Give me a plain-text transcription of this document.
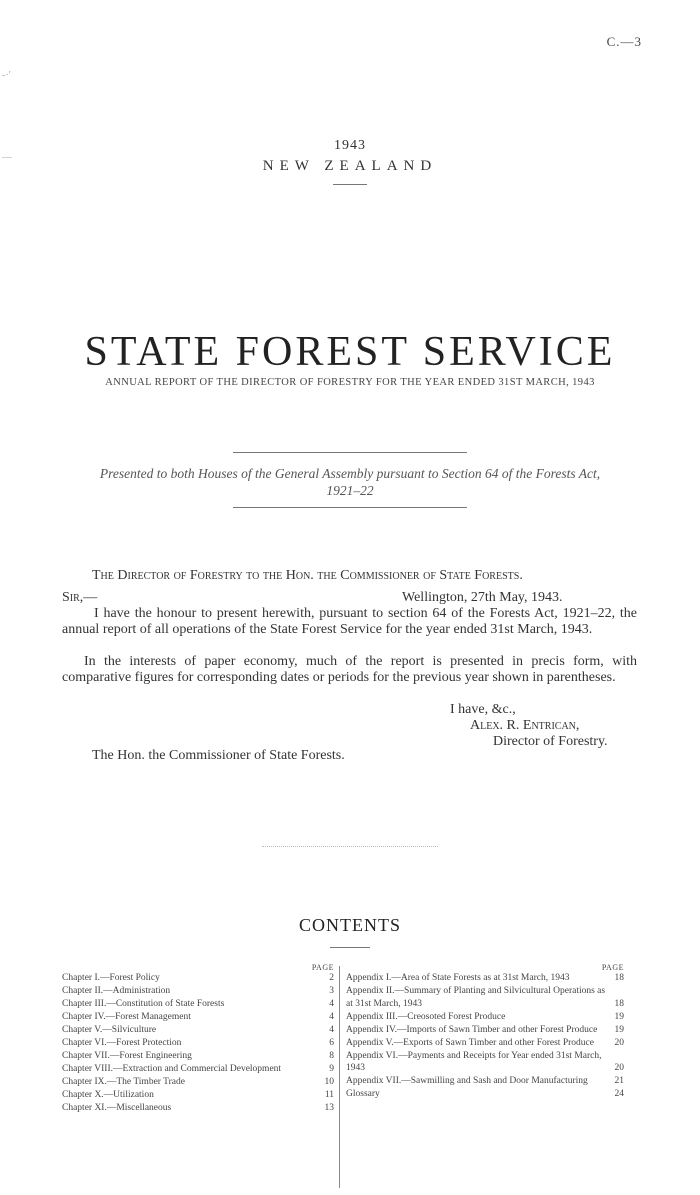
-·′
—
C.—3
1943
NEW ZEALAND
STATE FOREST SERVICE
ANNUAL REPORT OF THE DIRECTOR OF FORESTRY FOR THE YEAR ENDED 31ST MARCH, 1943
Presented to both Houses of the General Assembly pursuant to Section 64 of the Forests Act, 1921–22
The Director of Forestry to the Hon. the Commissioner of State Forests.
Sir,—	Wellington, 27th May, 1943.
I have the honour to present herewith, pursuant to section 64 of the Forests Act, 1921–22, the annual report of all operations of the State Forest Service for the year ended 31st March, 1943.
In the interests of paper economy, much of the report is presented in precis form, with comparative figures for corresponding dates or periods for the previous year shown in parentheses.
I have, &c.,
Alex. R. Entrican,
Director of Forestry.
The Hon. the Commissioner of State Forests.
CONTENTS
PAGE
Chapter I.—Forest Policy	2
Chapter II.—Administration	3
Chapter III.—Constitution of State Forests	4
Chapter IV.—Forest Management	4
Chapter V.—Silviculture	4
Chapter VI.—Forest Protection	6
Chapter VII.—Forest Engineering	8
Chapter VIII.—Extraction and Commercial Development	9
Chapter IX.—The Timber Trade	10
Chapter X.—Utilization	11
Chapter XI.—Miscellaneous	13
PAGE
Appendix I.—Area of State Forests as at 31st March, 1943	18
Appendix II.—Summary of Planting and Silvicultural Operations as at 31st March, 1943	18
Appendix III.—Creosoted Forest Produce	19
Appendix IV.—Imports of Sawn Timber and other Forest Produce	19
Appendix V.—Exports of Sawn Timber and other Forest Produce	20
Appendix VI.—Payments and Receipts for Year ended 31st March, 1943	20
Appendix VII.—Sawmilling and Sash and Door Manufacturing	21
Glossary	24
